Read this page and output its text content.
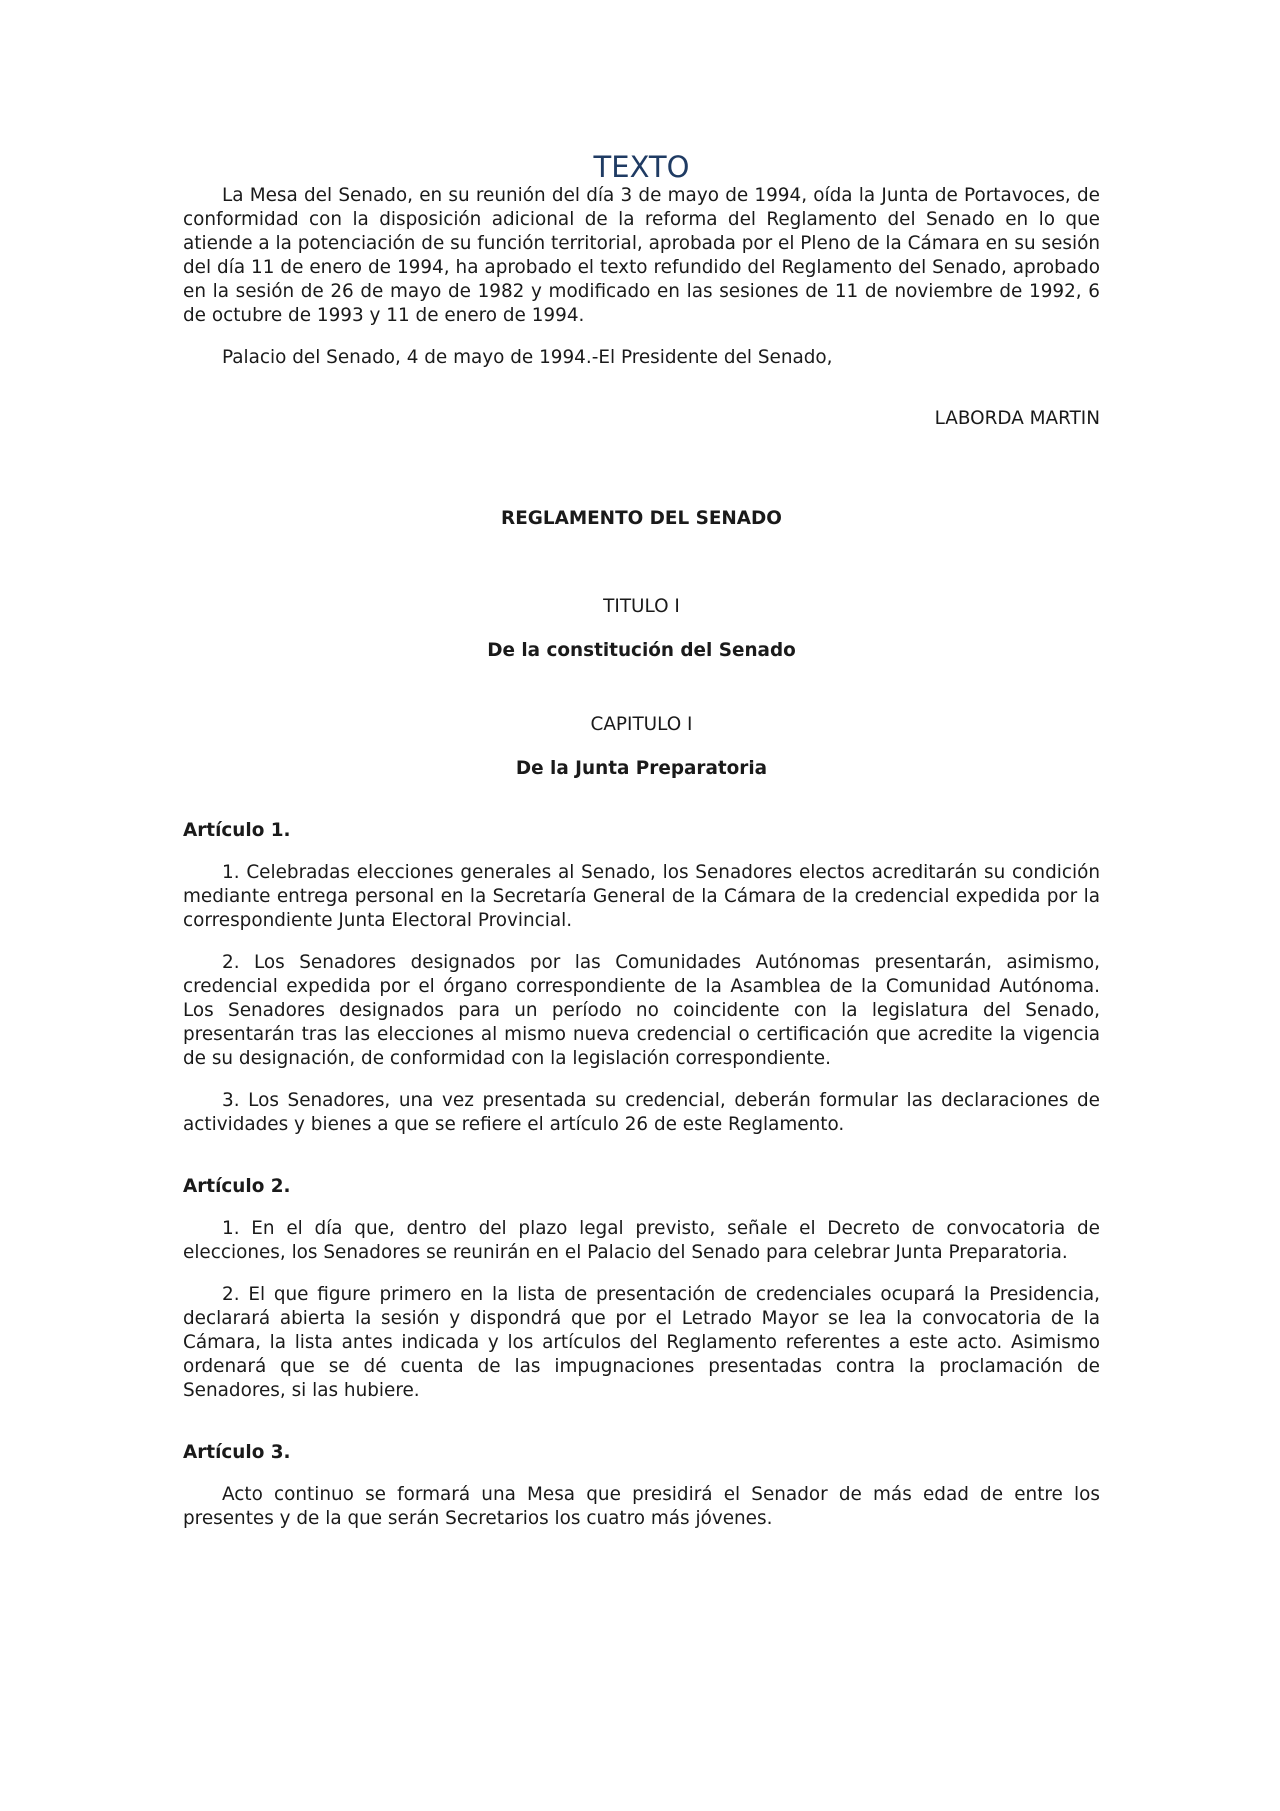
TEXTO

La Mesa del Senado, en su reunión del día 3 de mayo de 1994, oída la Junta de Portavoces, de conformidad con la disposición adicional de la reforma del Reglamento del Senado en lo que atiende a la potenciación de su función territorial, aprobada por el Pleno de la Cámara en su sesión del día 11 de enero de 1994, ha aprobado el texto refundido del Reglamento del Senado, aprobado en la sesión de 26 de mayo de 1982 y modificado en las sesiones de 11 de noviembre de 1992, 6 de octubre de 1993 y 11 de enero de 1994.

Palacio del Senado, 4 de mayo de 1994.-El Presidente del Senado,

LABORDA MARTIN

REGLAMENTO DEL SENADO

TITULO I

De la constitución del Senado

CAPITULO I

De la Junta Preparatoria

Artículo 1.

1. Celebradas elecciones generales al Senado, los Senadores electos acreditarán su condición mediante entrega personal en la Secretaría General de la Cámara de la credencial expedida por la correspondiente Junta Electoral Provincial.

2. Los Senadores designados por las Comunidades Autónomas presentarán, asimismo, credencial expedida por el órgano correspondiente de la Asamblea de la Comunidad Autónoma. Los Senadores designados para un período no coincidente con la legislatura del Senado, presentarán tras las elecciones al mismo nueva credencial o certificación que acredite la vigencia de su designación, de conformidad con la legislación correspondiente.

3. Los Senadores, una vez presentada su credencial, deberán formular las declaraciones de actividades y bienes a que se refiere el artículo 26 de este Reglamento.

Artículo 2.

1. En el día que, dentro del plazo legal previsto, señale el Decreto de convocatoria de elecciones, los Senadores se reunirán en el Palacio del Senado para celebrar Junta Preparatoria.

2. El que figure primero en la lista de presentación de credenciales ocupará la Presidencia, declarará abierta la sesión y dispondrá que por el Letrado Mayor se lea la convocatoria de la Cámara, la lista antes indicada y los artículos del Reglamento referentes a este acto. Asimismo ordenará que se dé cuenta de las impugnaciones presentadas contra la proclamación de Senadores, si las hubiere.

Artículo 3.

Acto continuo se formará una Mesa que presidirá el Senador de más edad de entre los presentes y de la que serán Secretarios los cuatro más jóvenes.
